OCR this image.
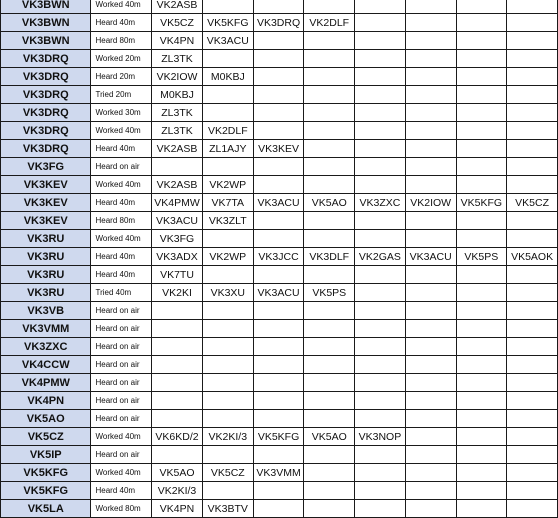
VK3BWN	Worked 40m	VK2ASB							
VK3BWN	Heard 40m	VK5CZ	VK5KFG	VK3DRQ	VK2DLF				
VK3BWN	Heard 80m	VK4PN	VK3ACU						
VK3DRQ	Worked 20m	ZL3TK							
VK3DRQ	Heard 20m	VK2IOW	M0KBJ						
VK3DRQ	Tried 20m	M0KBJ							
VK3DRQ	Worked 30m	ZL3TK							
VK3DRQ	Worked 40m	ZL3TK	VK2DLF						
VK3DRQ	Heard 40m	VK2ASB	ZL1AJY	VK3KEV					
VK3FG	Heard on air								
VK3KEV	Worked 40m	VK2ASB	VK2WP						
VK3KEV	Heard 40m	VK4PMW	VK7TA	VK3ACU	VK5AO	VK3ZXC	VK2IOW	VK5KFG	VK5CZ
VK3KEV	Heard 80m	VK3ACU	VK3ZLT						
VK3RU	Worked 40m	VK3FG							
VK3RU	Heard 40m	VK3ADX	VK2WP	VK3JCC	VK3DLF	VK2GAS	VK3ACU	VK5PS	VK5AOK
VK3RU	Heard 40m	VK7TU							
VK3RU	Tried 40m	VK2KI	VK3XU	VK3ACU	VK5PS				
VK3VB	Heard on air								
VK3VMM	Heard on air								
VK3ZXC	Heard on air								
VK4CCW	Heard on air								
VK4PMW	Heard on air								
VK4PN	Heard on air								
VK5AO	Heard on air								
VK5CZ	Worked 40m	VK6KD/2	VK2KI/3	VK5KFG	VK5AO	VK3NOP			
VK5IP	Heard on air								
VK5KFG	Worked 40m	VK5AO	VK5CZ	VK3VMM					
VK5KFG	Heard 40m	VK2KI/3							
VK5LA	Worked 80m	VK4PN	VK3BTV						
